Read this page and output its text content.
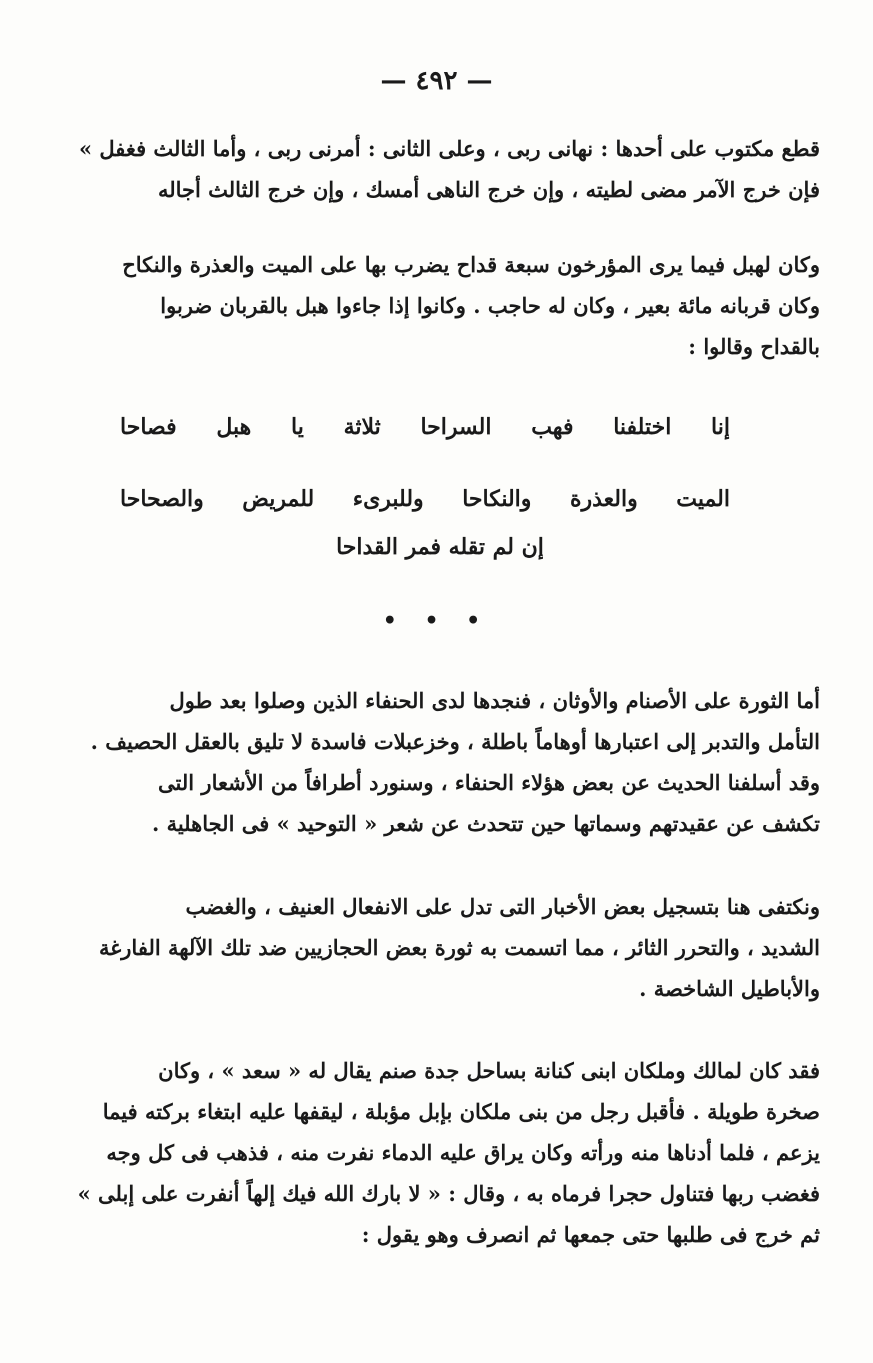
— ٤٩٢ —
قطع مكتوب على أحدها : نهانى ربى ، وعلى الثانى : أمرنى ربى ، وأما الثالث فغفل »
فإن خرج الآمر مضى لطيته ، وإن خرج الناهى أمسك ، وإن خرج الثالث أجاله
وكان لهبل فيما يرى المؤرخون سبعة قداح يضرب بها على الميت والعذرة والنكاح
وكان قربانه مائة بعير ، وكان له حاجب . وكانوا إذا جاءوا هبل بالقربان ضربوا
بالقداح وقالوا :
إنا
اختلفنا
فهب
السراحا
ثلاثة
يا
هبل
فصاحا
الميت
والعذرة
والنكاحا
وللبرىء
للمريض
والصحاحا
إن لم تقله فمر القداحا
• • •
أما الثورة على الأصنام والأوثان ، فنجدها لدى الحنفاء الذين وصلوا بعد طول
التأمل والتدبر إلى اعتبارها أوهاماً باطلة ، وخزعبلات فاسدة لا تليق بالعقل الحصيف .
وقد أسلفنا الحديث عن بعض هؤلاء الحنفاء ، وسنورد أطرافاً من الأشعار التى
تكشف عن عقيدتهم وسماتها حين تتحدث عن شعر « التوحيد » فى الجاهلية .
ونكتفى هنا بتسجيل بعض الأخبار التى تدل على الانفعال العنيف ، والغضب
الشديد ، والتحرر الثائر ، مما اتسمت به ثورة بعض الحجازيين ضد تلك الآلهة الفارغة
والأباطيل الشاخصة .
فقد كان لمالك وملكان ابنى كنانة بساحل جدة صنم يقال له « سعد » ، وكان
صخرة طويلة . فأقبل رجل من بنى ملكان بإبل مؤبلة ، ليقفها عليه ابتغاء بركته فيما
يزعم ، فلما أدناها منه ورأته وكان يراق عليه الدماء نفرت منه ، فذهب فى كل وجه
فغضب ربها فتناول حجرا فرماه به ، وقال : « لا بارك الله فيك إلهاً أنفرت على إبلى »
ثم خرج فى طلبها حتى جمعها ثم انصرف وهو يقول :
